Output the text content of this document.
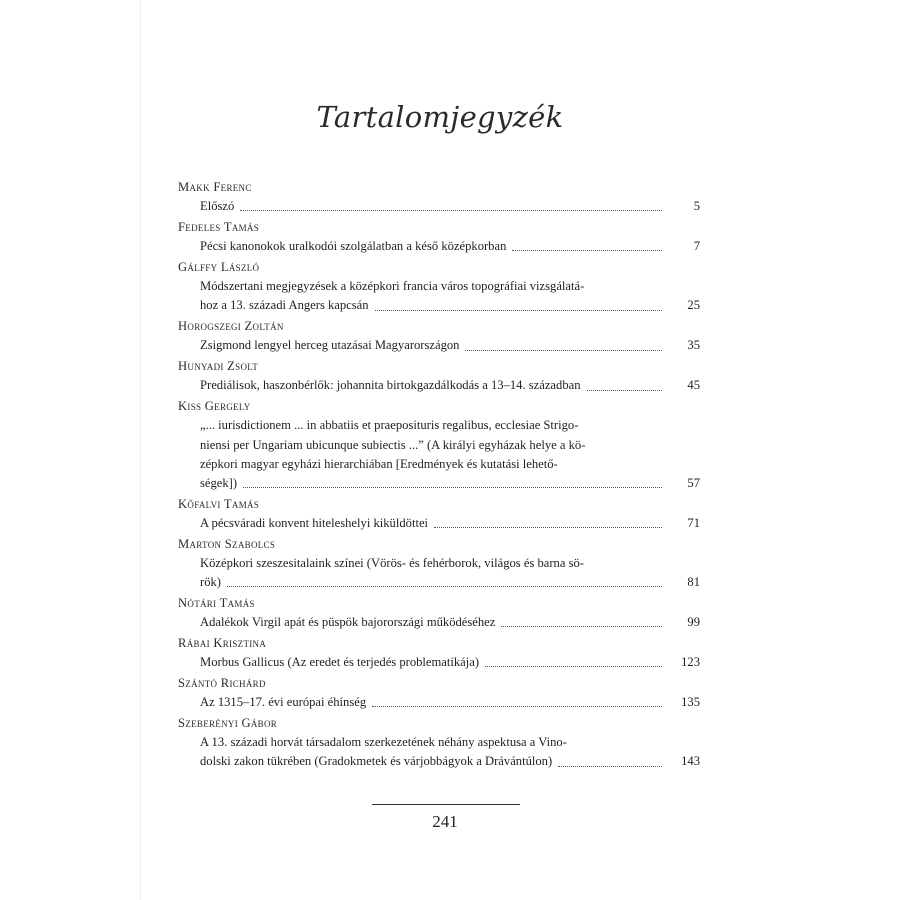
Tartalomjegyzék
Makk Ferenc
Előszó	5
Fedeles Tamás
Pécsi kanonokok uralkodói szolgálatban a késő középkorban	7
Gálffy László
Módszertani megjegyzések a középkori francia város topográfiai vizsgálatá-
hoz a 13. századi Angers kapcsán	25
Horogszegi Zoltán
Zsigmond lengyel herceg utazásai Magyarországon	35
Hunyadi Zsolt
Prediálisok, haszonbérlők: johannita birtokgazdálkodás a 13–14. században	45
Kiss Gergely
„... iurisdictionem ... in abbatiis et praeposituris regalibus, ecclesiae Strigo-
niensi per Ungariam ubicunque subiectis ...” (A királyi egyházak helye a kö-
zépkori magyar egyházi hierarchiában [Eredmények és kutatási lehető-
ségek])	57
Kőfalvi Tamás
A pécsváradi konvent hiteleshelyi kiküldöttei	71
Marton Szabolcs
Középkori szeszesitalaink színei (Vörös- és fehérborok, világos és barna sö-
rök)	81
Nótári Tamás
Adalékok Virgil apát és püspök bajorországi működéséhez	99
Rábai Krisztina
Morbus Gallicus (Az eredet és terjedés problematikája)	123
Szántó Richárd
Az 1315–17. évi európai éhínség	135
Szeberényi Gábor
A 13. századi horvát társadalom szerkezetének néhány aspektusa a Vino-
dolski zakon tükrében (Gradokmetek és várjobbágyok a Drávántúlon)	143
241
